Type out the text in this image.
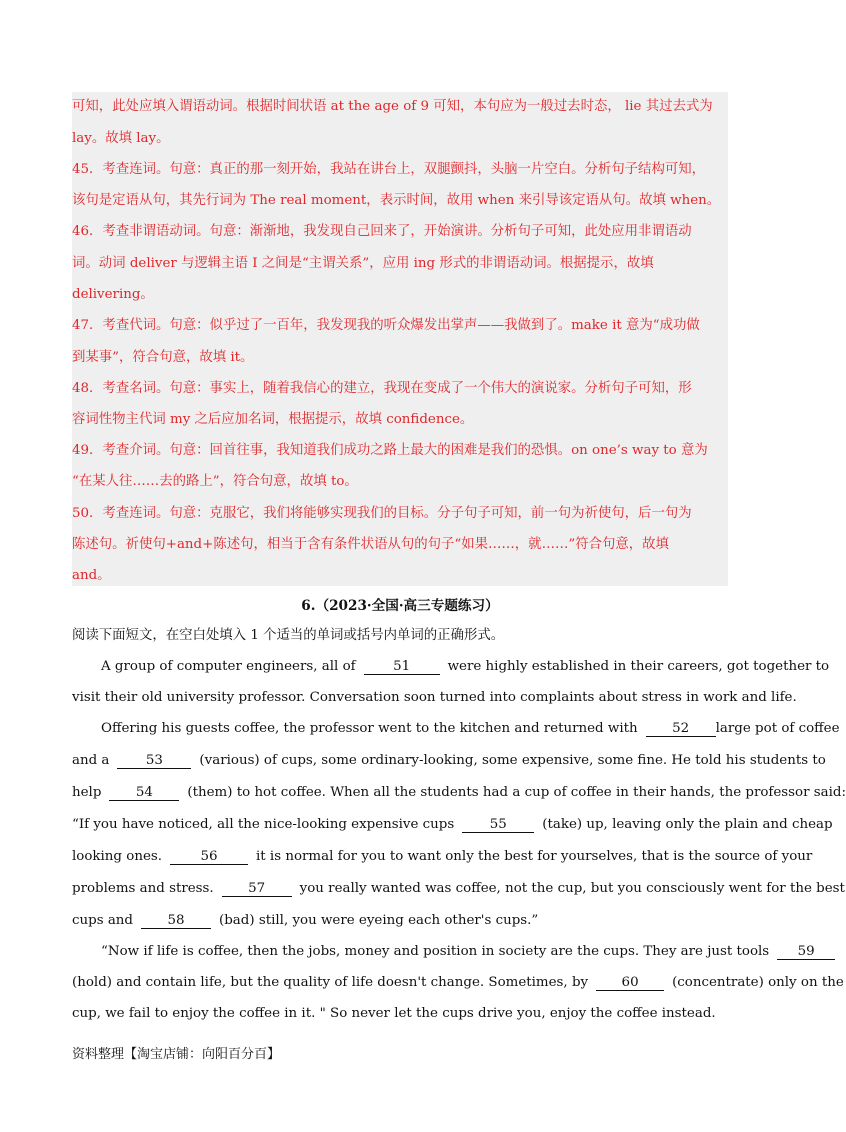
可知，此处应填入谓语动词。根据时间状语 at the age of 9 可知，本句应为一般过去时态， lie 其过去式为
lay。故填 lay。
45．考查连词。句意：真正的那一刻开始，我站在讲台上，双腿颤抖，头脑一片空白。分析句子结构可知，
该句是定语从句，其先行词为 The real moment，表示时间，故用 when 来引导该定语从句。故填 when。
46．考查非谓语动词。句意：渐渐地，我发现自己回来了，开始演讲。分析句子可知，此处应用非谓语动
词。动词 deliver 与逻辑主语 I 之间是“主谓关系”，应用 ing 形式的非谓语动词。根据提示，故填
delivering。
47．考查代词。句意：似乎过了一百年，我发现我的听众爆发出掌声——我做到了。make it 意为“成功做
到某事”，符合句意，故填 it。
48．考查名词。句意：事实上，随着我信心的建立，我现在变成了一个伟大的演说家。分析句子可知，形
容词性物主代词 my 之后应加名词，根据提示，故填 confidence。
49．考查介词。句意：回首往事，我知道我们成功之路上最大的困难是我们的恐惧。on one’s way to 意为
“在某人往……去的路上”，符合句意，故填 to。
50．考查连词。句意：克服它，我们将能够实现我们的目标。分子句子可知，前一句为祈使句，后一句为
陈述句。祈使句+and+陈述句，相当于含有条件状语从句的句子“如果……，就……”符合句意，故填
and。
6.（2023·全国·高三专题练习）
阅读下面短文，在空白处填入 1 个适当的单词或括号内单词的正确形式。
A group of computer engineers, all of	51	were highly established in their careers, got together to
visit their old university professor. Conversation soon turned into complaints about stress in work and life.
Offering his guests coffee, the professor went to the kitchen and returned with	52 large pot of coffee
and a	53	(various) of cups, some ordinary-looking, some expensive, some fine. He told his students to
help	54	(them) to hot coffee. When all the students had a cup of coffee in their hands, the professor said:
“If you have noticed, all the nice-looking expensive cups	55	(take) up, leaving only the plain and cheap
looking ones.	56	it is normal for you to want only the best for yourselves, that is the source of your
problems and stress.	57	you really wanted was coffee, not the cup, but you consciously went for the best
cups and	58	(bad) still, you were eyeing each other's cups.”
“Now if life is coffee, then the jobs, money and position in society are the cups. They are just tools 59
(hold) and contain life, but the quality of life doesn't change. Sometimes, by 60 (concentrate) only on the
cup, we fail to enjoy the coffee in it. " So never let the cups drive you, enjoy the coffee instead.
资料整理【淘宝店铺：向阳百分百】
